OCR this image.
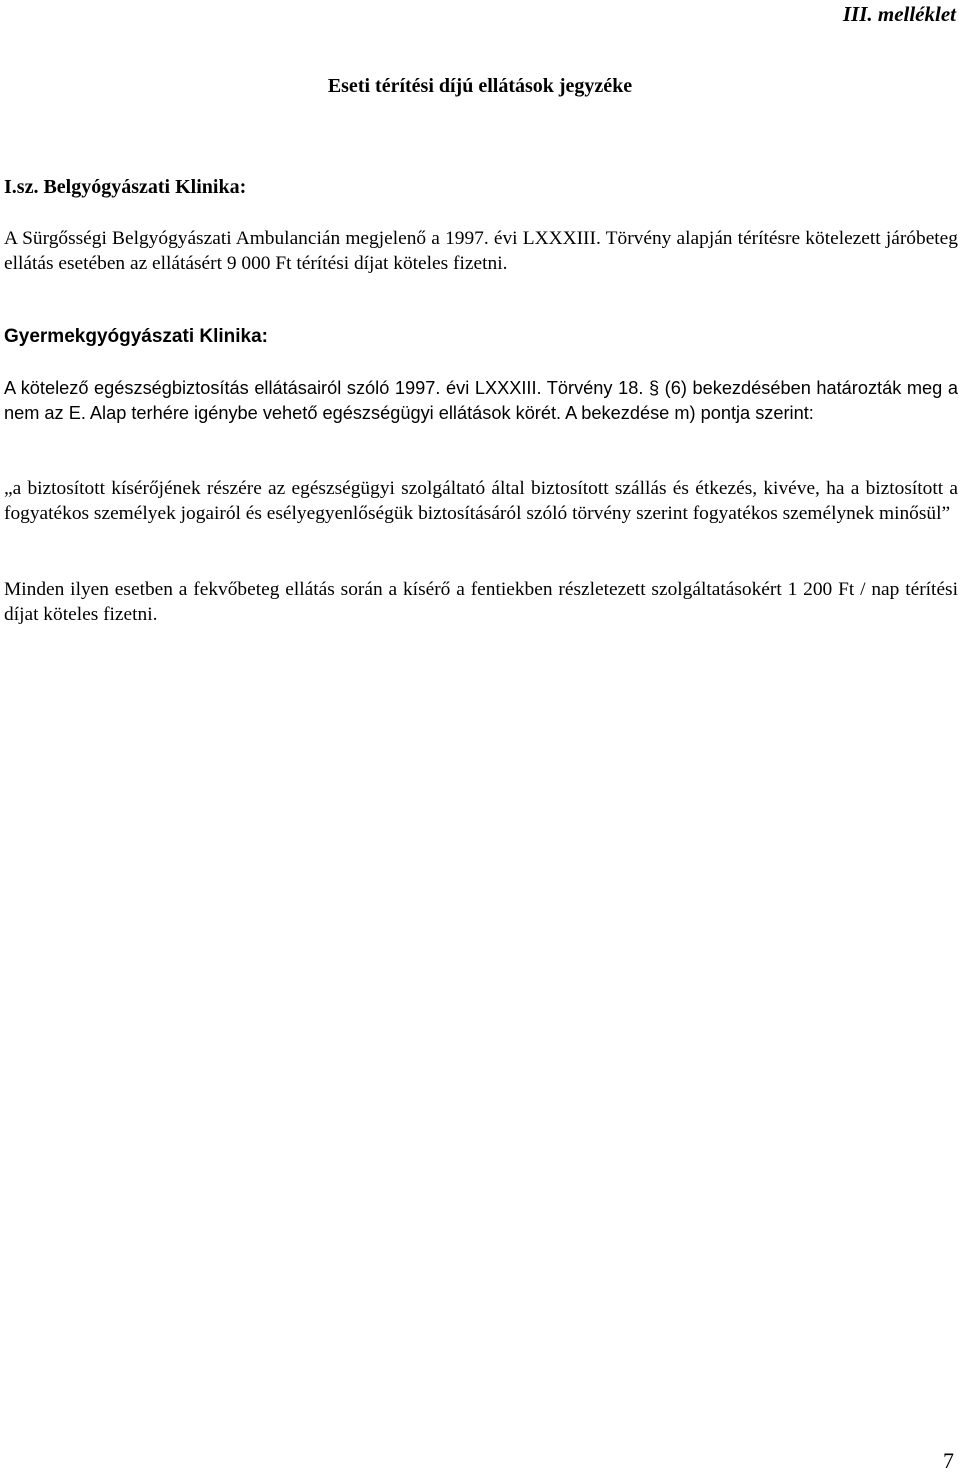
III. melléklet

Eseti térítési díjú ellátások jegyzéke
I.sz. Belgyógyászati Klinika:

A Sürgősségi Belgyógyászati Ambulancián megjelenő a 1997. évi LXXXIII. Törvény alapján térítésre kötelezett járóbeteg ellátás esetében az ellátásért 9 000 Ft térítési díjat köteles fizetni.

Gyermekgyógyászati Klinika:

A kötelező egészségbiztosítás ellátásairól szóló 1997. évi LXXXIII. Törvény 18. § (6) bekezdésében határozták meg a nem az E. Alap terhére igénybe vehető egészségügyi ellátások körét. A bekezdése m) pontja szerint:

„a biztosított kísérőjének részére az egészségügyi szolgáltató által biztosított szállás és étkezés, kivéve, ha a biztosított a fogyatékos személyek jogairól és esélyegyenlőségük biztosításáról szóló törvény szerint fogyatékos személynek minősül”

Minden ilyen esetben a fekvőbeteg ellátás során a kísérő a fentiekben részletezett szolgáltatásokért 1 200 Ft / nap térítési díjat köteles fizetni.

7
